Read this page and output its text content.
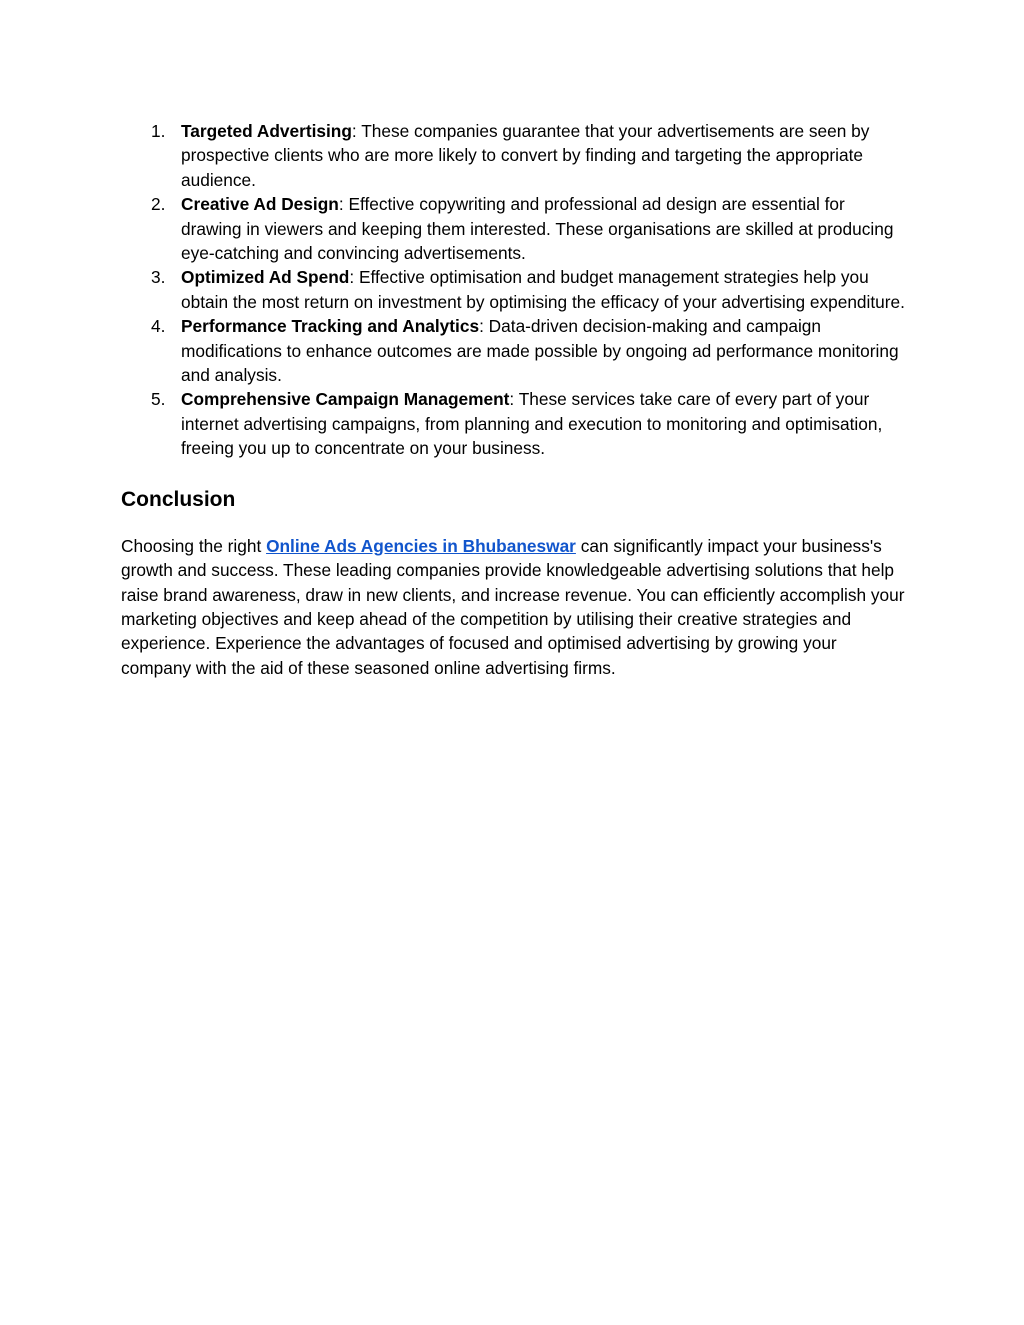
1. Targeted Advertising: These companies guarantee that your advertisements are seen by prospective clients who are more likely to convert by finding and targeting the appropriate audience.
2. Creative Ad Design: Effective copywriting and professional ad design are essential for drawing in viewers and keeping them interested. These organisations are skilled at producing eye-catching and convincing advertisements.
3. Optimized Ad Spend: Effective optimisation and budget management strategies help you obtain the most return on investment by optimising the efficacy of your advertising expenditure.
4. Performance Tracking and Analytics: Data-driven decision-making and campaign modifications to enhance outcomes are made possible by ongoing ad performance monitoring and analysis.
5. Comprehensive Campaign Management: These services take care of every part of your internet advertising campaigns, from planning and execution to monitoring and optimisation, freeing you up to concentrate on your business.
Conclusion

Choosing the right Online Ads Agencies in Bhubaneswar can significantly impact your business's growth and success. These leading companies provide knowledgeable advertising solutions that help raise brand awareness, draw in new clients, and increase revenue. You can efficiently accomplish your marketing objectives and keep ahead of the competition by utilising their creative strategies and experience. Experience the advantages of focused and optimised advertising by growing your company with the aid of these seasoned online advertising firms.
